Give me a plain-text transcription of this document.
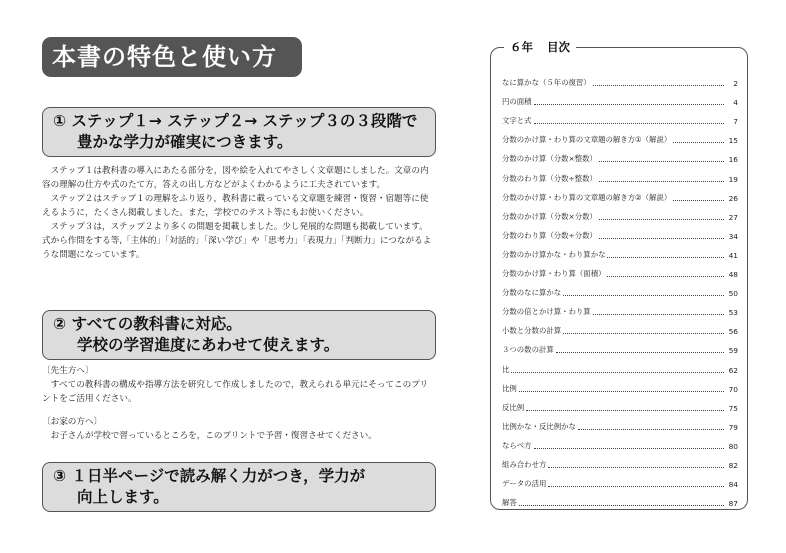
本書の特色と使い方
① ステップ１→ ステップ２→ ステップ３の３段階で
豊かな学力が確実につきます。

ステップ１は教科書の導入にあたる部分を，図や絵を入れてやさしく文章題にしました。文章の内容の理解の仕方や式のたて方，答えの出し方などがよくわかるように工夫されています。

ステップ２はステップ１の理解をふり返り，教科書に載っている文章題を練習・復習・宿題等に使えるように，たくさん掲載しました。また，学校でのテスト等にもお使いください。

ステップ３は，ステップ２より多くの問題を掲載しました。少し発展的な問題も掲載しています。式から作問をする等,「主体的」「対話的」「深い学び」や「思考力」「表現力」「判断力」につながるような問題になっています。

② すべての教科書に対応。
学校の学習進度にあわせて使えます。

〔先生方へ〕

すべての教科書の構成や指導方法を研究して作成しましたので，教えられる単元にそってこのプリントをご活用ください。

〔お家の方へ〕

お子さんが学校で習っているところを，このプリントで予習・復習させてください。

③ １日半ページで読み解く力がつき，学力が
向上します。
６年 目次
なに算かな（５年の復習）	2
円の面積	4
文字と式	7
分数のかけ算・わり算の文章題の解き方①（解説）	15
分数のかけ算（分数×整数）	16
分数のわり算（分数÷整数）	19
分数のかけ算・わり算の文章題の解き方②（解説）	26
分数のかけ算（分数×分数）	27
分数のわり算（分数÷分数）	34
分数のかけ算かな・わり算かな	41
分数のかけ算・わり算（面積）	48
分数のなに算かな	50
分数の倍とかけ算・わり算	53
小数と分数の計算	56
３つの数の計算	59
比	62
比例	70
反比例	75
比例かな・反比例かな	79
ならべ方	80
組み合わせ方	82
データの活用	84
解答	87
